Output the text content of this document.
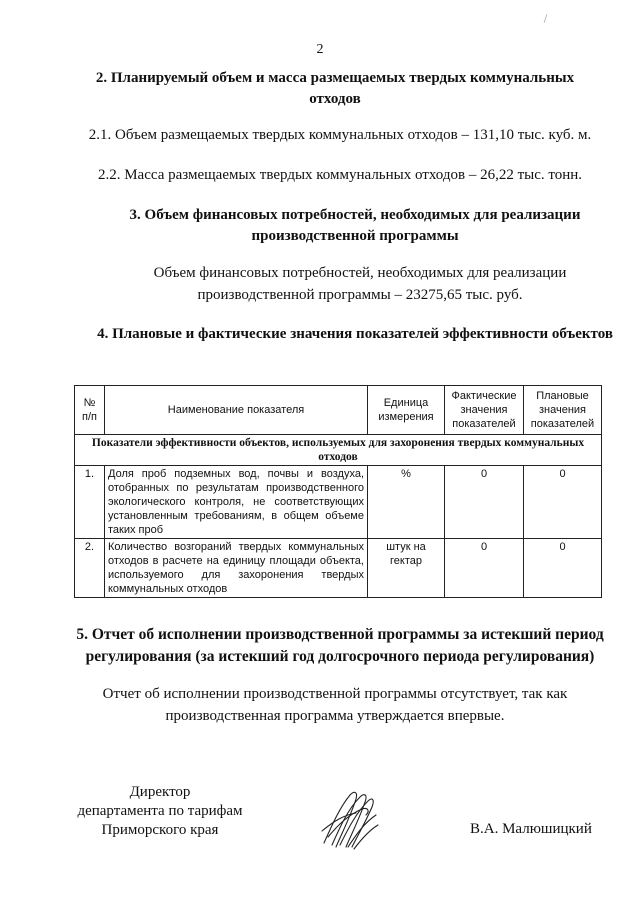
2
2. Планируемый объем и масса размещаемых твердых коммунальных отходов
2.1. Объем размещаемых твердых коммунальных отходов – 131,10 тыс. куб. м.
2.2. Масса размещаемых твердых коммунальных отходов – 26,22 тыс. тонн.
3. Объем финансовых потребностей, необходимых для реализации производственной программы
Объем финансовых потребностей, необходимых для реализации производственной программы – 23275,65 тыс. руб.
4. Плановые и фактические значения показателей эффективности объектов
№ п/п	Наименование показателя	Единица измерения	Фактические значения показателей	Плановые значения показателей
Показатели эффективности объектов, используемых для захоронения твердых коммунальных отходов				
1.	Доля проб подземных вод, почвы и воздуха, отобранных по результатам производственного экологического контроля, не соответствующих установленным требованиям, в общем объеме таких проб	%	0	0
2.	Количество возгораний твердых коммунальных отходов в расчете на единицу площади объекта, используемого для захоронения твердых коммунальных отходов	штук на гектар	0	0
5. Отчет об исполнении производственной программы за истекший период регулирования (за истекший год долгосрочного периода регулирования)
Отчет об исполнении производственной программы отсутствует, так как производственная программа утверждается впервые.
Директор
департамента по тарифам
Приморского края	В.А. Малюшицкий
